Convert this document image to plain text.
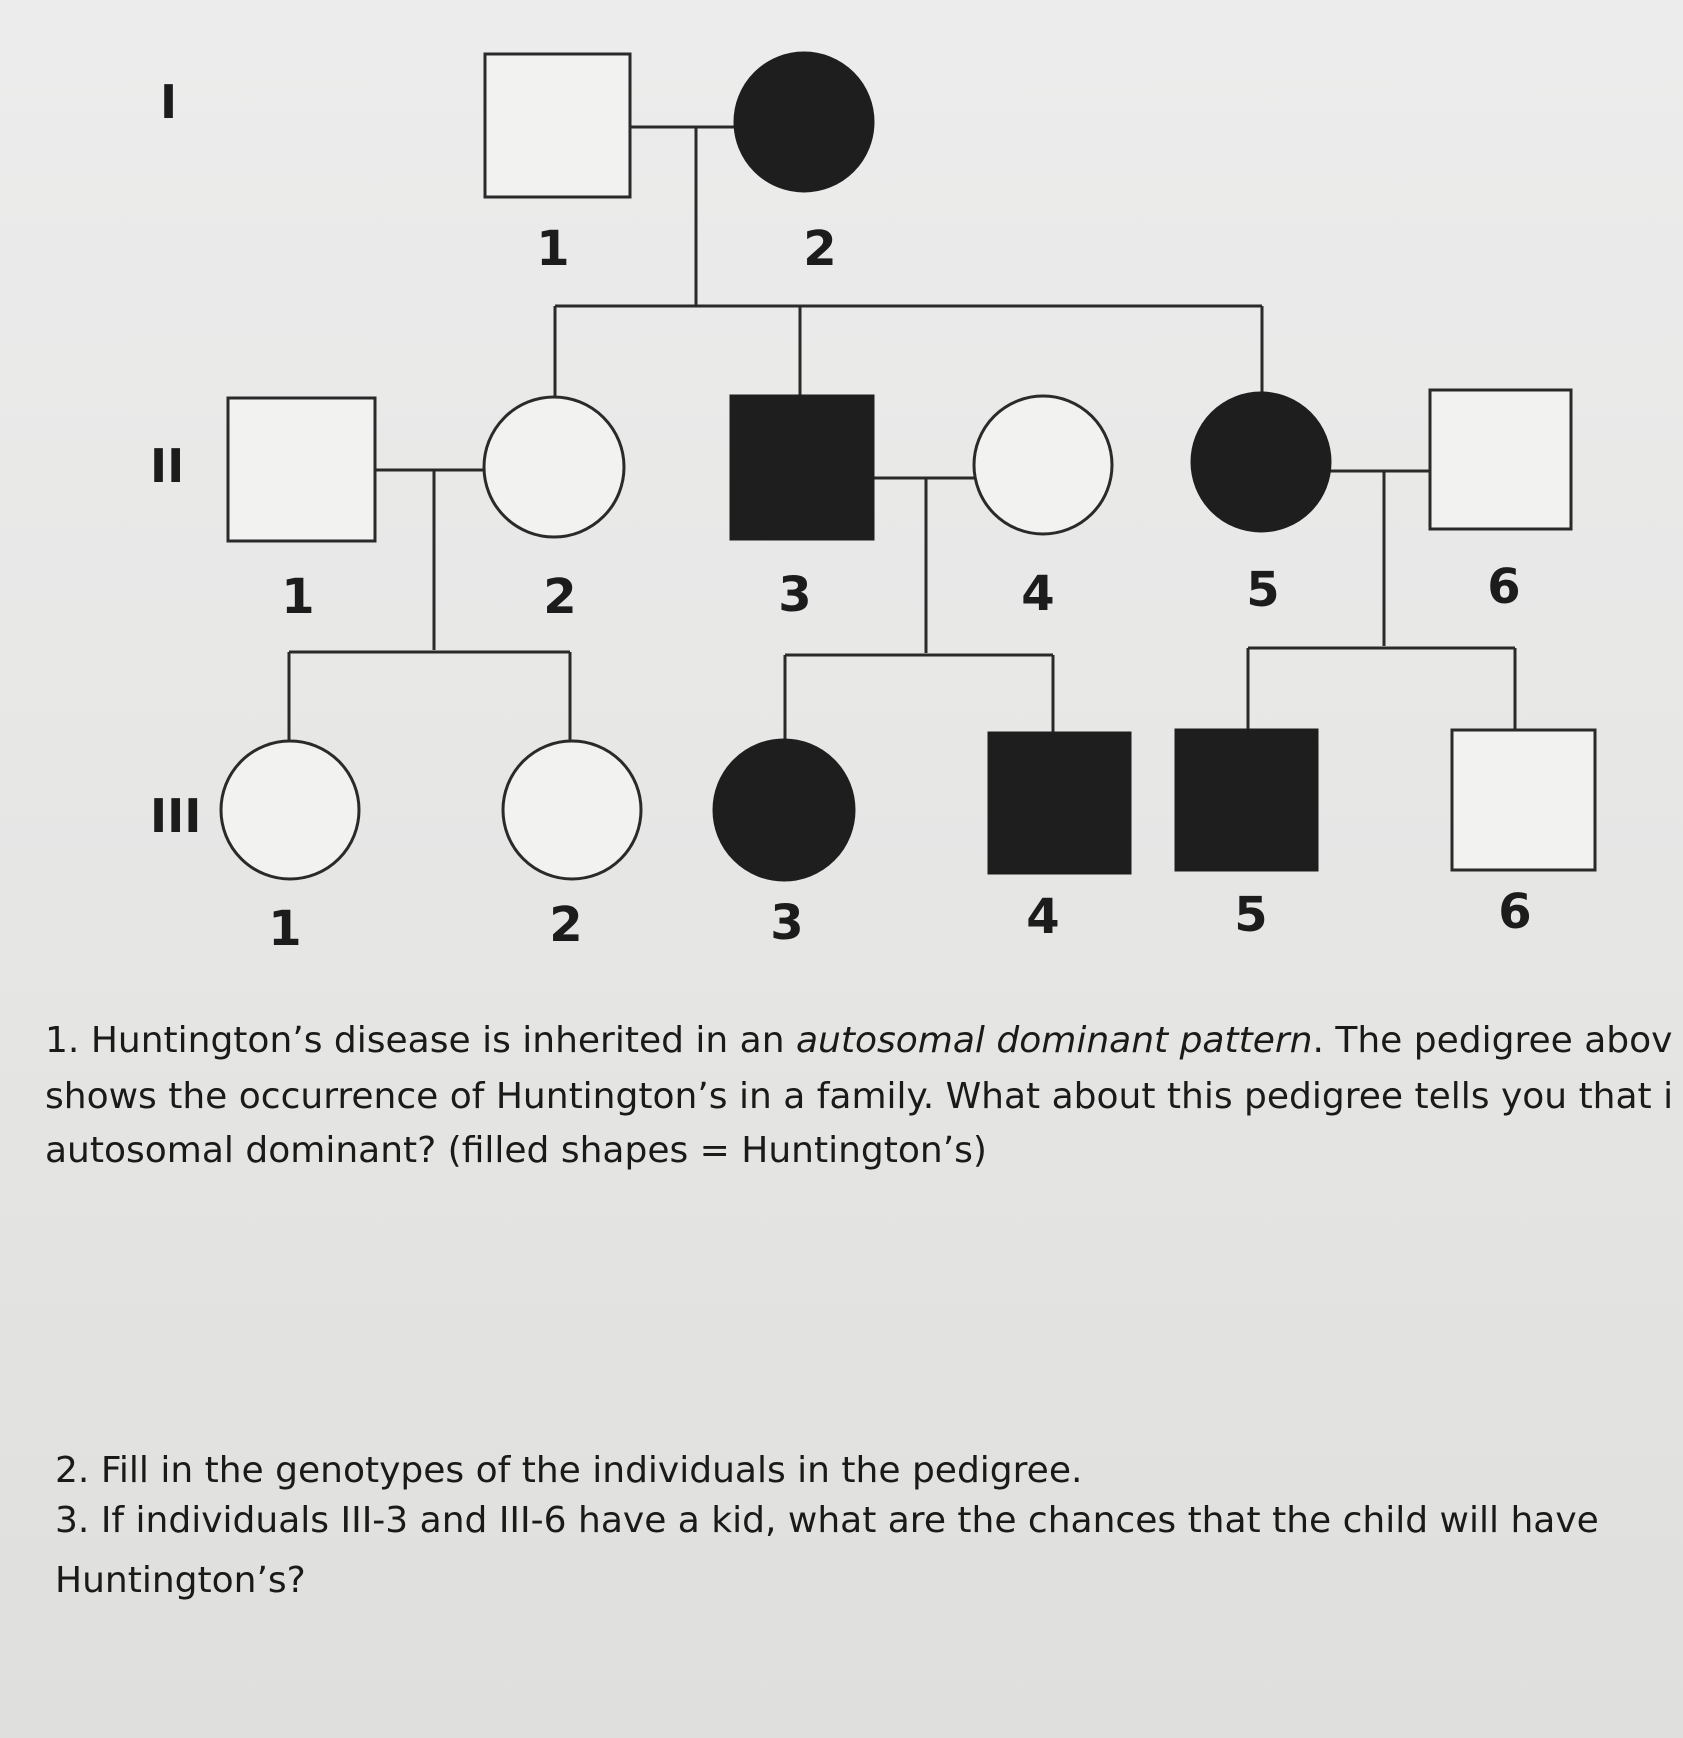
I
II
III
1	2
1	2	3	4	5	6
1	2	3	4	5	6
1. Huntington’s disease is inherited in an autosomal dominant pattern. The pedigree abov
shows the occurrence of Huntington’s in a family. What about this pedigree tells you that i
autosomal dominant? (filled shapes = Huntington’s)
2. Fill in the genotypes of the individuals in the pedigree.
3. If individuals III-3 and III-6 have a kid, what are the chances that the child will have
Huntington’s?
